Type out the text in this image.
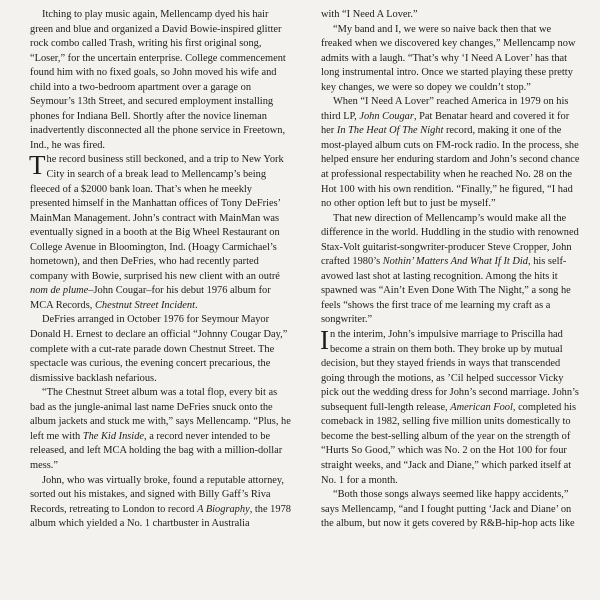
Itching to play music again, Mellencamp dyed his hair green and blue and organized a David Bowie-inspired glitter rock combo called Trash, writing his first original song, “Loser,” for the uncertain enterprise. College commencement found him with no fixed goals, so John moved his wife and child into a two-bedroom apartment over a garage on Seymour’s 13th Street, and secured employment installing phones for Indiana Bell. Shortly after the novice lineman inadvertently disconnected all the phone service in Freetown, Ind., he was fired.

The record business still beckoned, and a trip to New York City in search of a break lead to Mellencamp’s being fleeced of a $2000 bank loan. That’s when he meekly presented himself in the Manhattan offices of Tony DeFries’ MainMan Management. John’s contract with MainMan was eventually signed in a booth at the Big Wheel Restaurant on College Avenue in Bloomington, Ind. (Hoagy Carmichael’s hometown), and then DeFries, who had recently parted company with Bowie, surprised his new client with an outré nom de plume–John Cougar–for his debut 1976 album for MCA Records, Chestnut Street Incident.

DeFries arranged in October 1976 for Seymour Mayor Donald H. Ernest to declare an official “Johnny Cougar Day,” complete with a cut-rate parade down Chestnut Street. The spectacle was curious, the evening concert precarious, the dismissive backlash nefarious.

“The Chestnut Street album was a total flop, every bit as bad as the jungle-animal last name DeFries snuck onto the album jackets and stuck me with,” says Mellencamp. “Plus, he left me with The Kid Inside, a record never intended to be released, and left MCA holding the bag with a million-dollar mess.”

John, who was virtually broke, found a reputable attorney, sorted out his mistakes, and signed with Billy Gaff’s Riva Records, retreating to London to record A Biography, the 1978 album which yielded a No. 1 chartbuster in Australia

with “I Need A Lover.”

“My band and I, we were so naive back then that we freaked when we discovered key changes,” Mellencamp now admits with a laugh. “That’s why ‘I Need A Lover’ has that long instrumental intro. Once we started playing these pretty key changes, we were so dopey we couldn’t stop.”

When “I Need A Lover” reached America in 1979 on his third LP, John Cougar, Pat Benatar heard and covered it for her In The Heat Of The Night record, making it one of the most-played album cuts on FM-rock radio. In the process, she helped ensure her enduring stardom and John’s second chance at professional respectability when he reached No. 28 on the Hot 100 with his own rendition. “Finally,” he figured, “I had no other option left but to just be myself.”

That new direction of Mellencamp’s would make all the difference in the world. Huddling in the studio with renowned Stax-Volt guitarist-songwriter-producer Steve Cropper, John crafted 1980’s Nothin’ Matters And What If It Did, his self-avowed last shot at lasting recognition. Among the hits it spawned was “Ain’t Even Done With The Night,” a song he feels “shows the first trace of me learning my craft as a songwriter.”

In the interim, John’s impulsive marriage to Priscilla had become a strain on them both. They broke up by mutual decision, but they stayed friends in ways that transcended going through the motions, as ’Cil helped successor Vicky pick out the wedding dress for John’s second marriage. John’s subsequent full-length release, American Fool, completed his comeback in 1982, selling five million units domestically to become the best-selling album of the year on the strength of “Hurts So Good,” which was No. 2 on the Hot 100 for four straight weeks, and “Jack and Diane,” which parked itself at No. 1 for a month.

“Both those songs always seemed like happy accidents,” says Mellencamp, “and I fought putting ‘Jack and Diane’ on the album, but now it gets covered by R&B-hip-hop acts like
